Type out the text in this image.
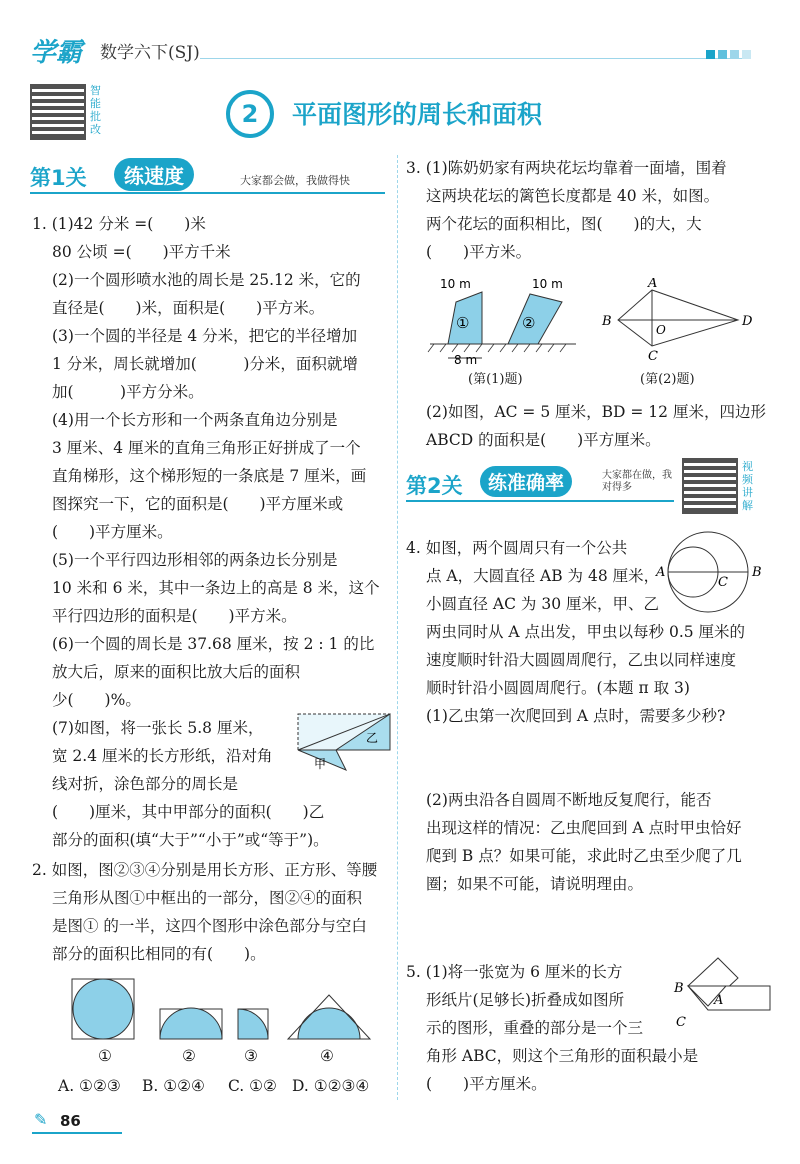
学霸 数学六下(SJ)
智能批改
2	平面图形的周长和面积
第1关	练速度	大家都会做，我做得快
1. (1)42 分米 =(　　)米
80 公顷 =(　　)平方千米
(2)一个圆形喷水池的周长是 25.12 米，它的
直径是(　　)米，面积是(　　)平方米。
(3)一个圆的半径是 4 分米，把它的半径增加
1 分米，周长就增加(　　　)分米，面积就增
加(　　　)平方分米。
(4)用一个长方形和一个两条直角边分别是
3 厘米、4 厘米的直角三角形正好拼成了一个
直角梯形，这个梯形短的一条底是 7 厘米，画
图探究一下，它的面积是(　　)平方厘米或
(　　)平方厘米。
(5)一个平行四边形相邻的两条边长分别是
10 米和 6 米，其中一条边上的高是 8 米，这个
平行四边形的面积是(　　)平方米。
(6)一个圆的周长是 37.68 厘米，按 2 : 1 的比
放大后，原来的面积比放大后的面积
少(　　)%。
(7)如图，将一张长 5.8 厘米，
宽 2.4 厘米的长方形纸，沿对角
线对折，涂色部分的周长是
(　　)厘米，其中甲部分的面积(　　)乙
部分的面积(填“大于”“小于”或“等于”)。
2. 如图，图②③④分别是用长方形、正方形、等腰
三角形从图①中框出的一部分，图②④的面积
是图① 的一半，这四个图形中涂色部分与空白
部分的面积比相同的有(　　)。
乙
甲
①	②	③	④
A. ①②③ B. ①②④ C. ①② D. ①②③④
3. (1)陈奶奶家有两块花坛均靠着一面墙，围着
这两块花坛的篱笆长度都是 40 米，如图。
两个花坛的面积相比，图(　　)的大，大
(　　)平方米。
①	②
10 m	10 m
8 m
(第(1)题)
A
B
C
D
O
(第(2)题)
(2)如图，AC = 5 厘米，BD = 12 厘米，四边形
ABCD 的面积是(　　)平方厘米。
第2关	练准确率	大家都在做，我对得多
视频讲解
4. 如图，两个圆周只有一个公共
点 A，大圆直径 AB 为 48 厘米，
小圆直径 AC 为 30 厘米，甲、乙
两虫同时从 A 点出发，甲虫以每秒 0.5 厘米的
速度顺时针沿大圆圆周爬行，乙虫以同样速度
顺时针沿小圆圆周爬行。(本题 π 取 3)
(1)乙虫第一次爬回到 A 点时，需要多少秒?
A	B
C
(2)两虫沿各自圆周不断地反复爬行，能否
出现这样的情况：乙虫爬回到 A 点时甲虫恰好
爬到 B 点？如果可能，求此时乙虫至少爬了几
圈；如果不可能，请说明理由。
5. (1)将一张宽为 6 厘米的长方
形纸片(足够长)折叠成如图所
示的图形，重叠的部分是一个三
角形 ABC，则这个三角形的面积最小是
(　　)平方厘米。
B
A
C
✎ 86
